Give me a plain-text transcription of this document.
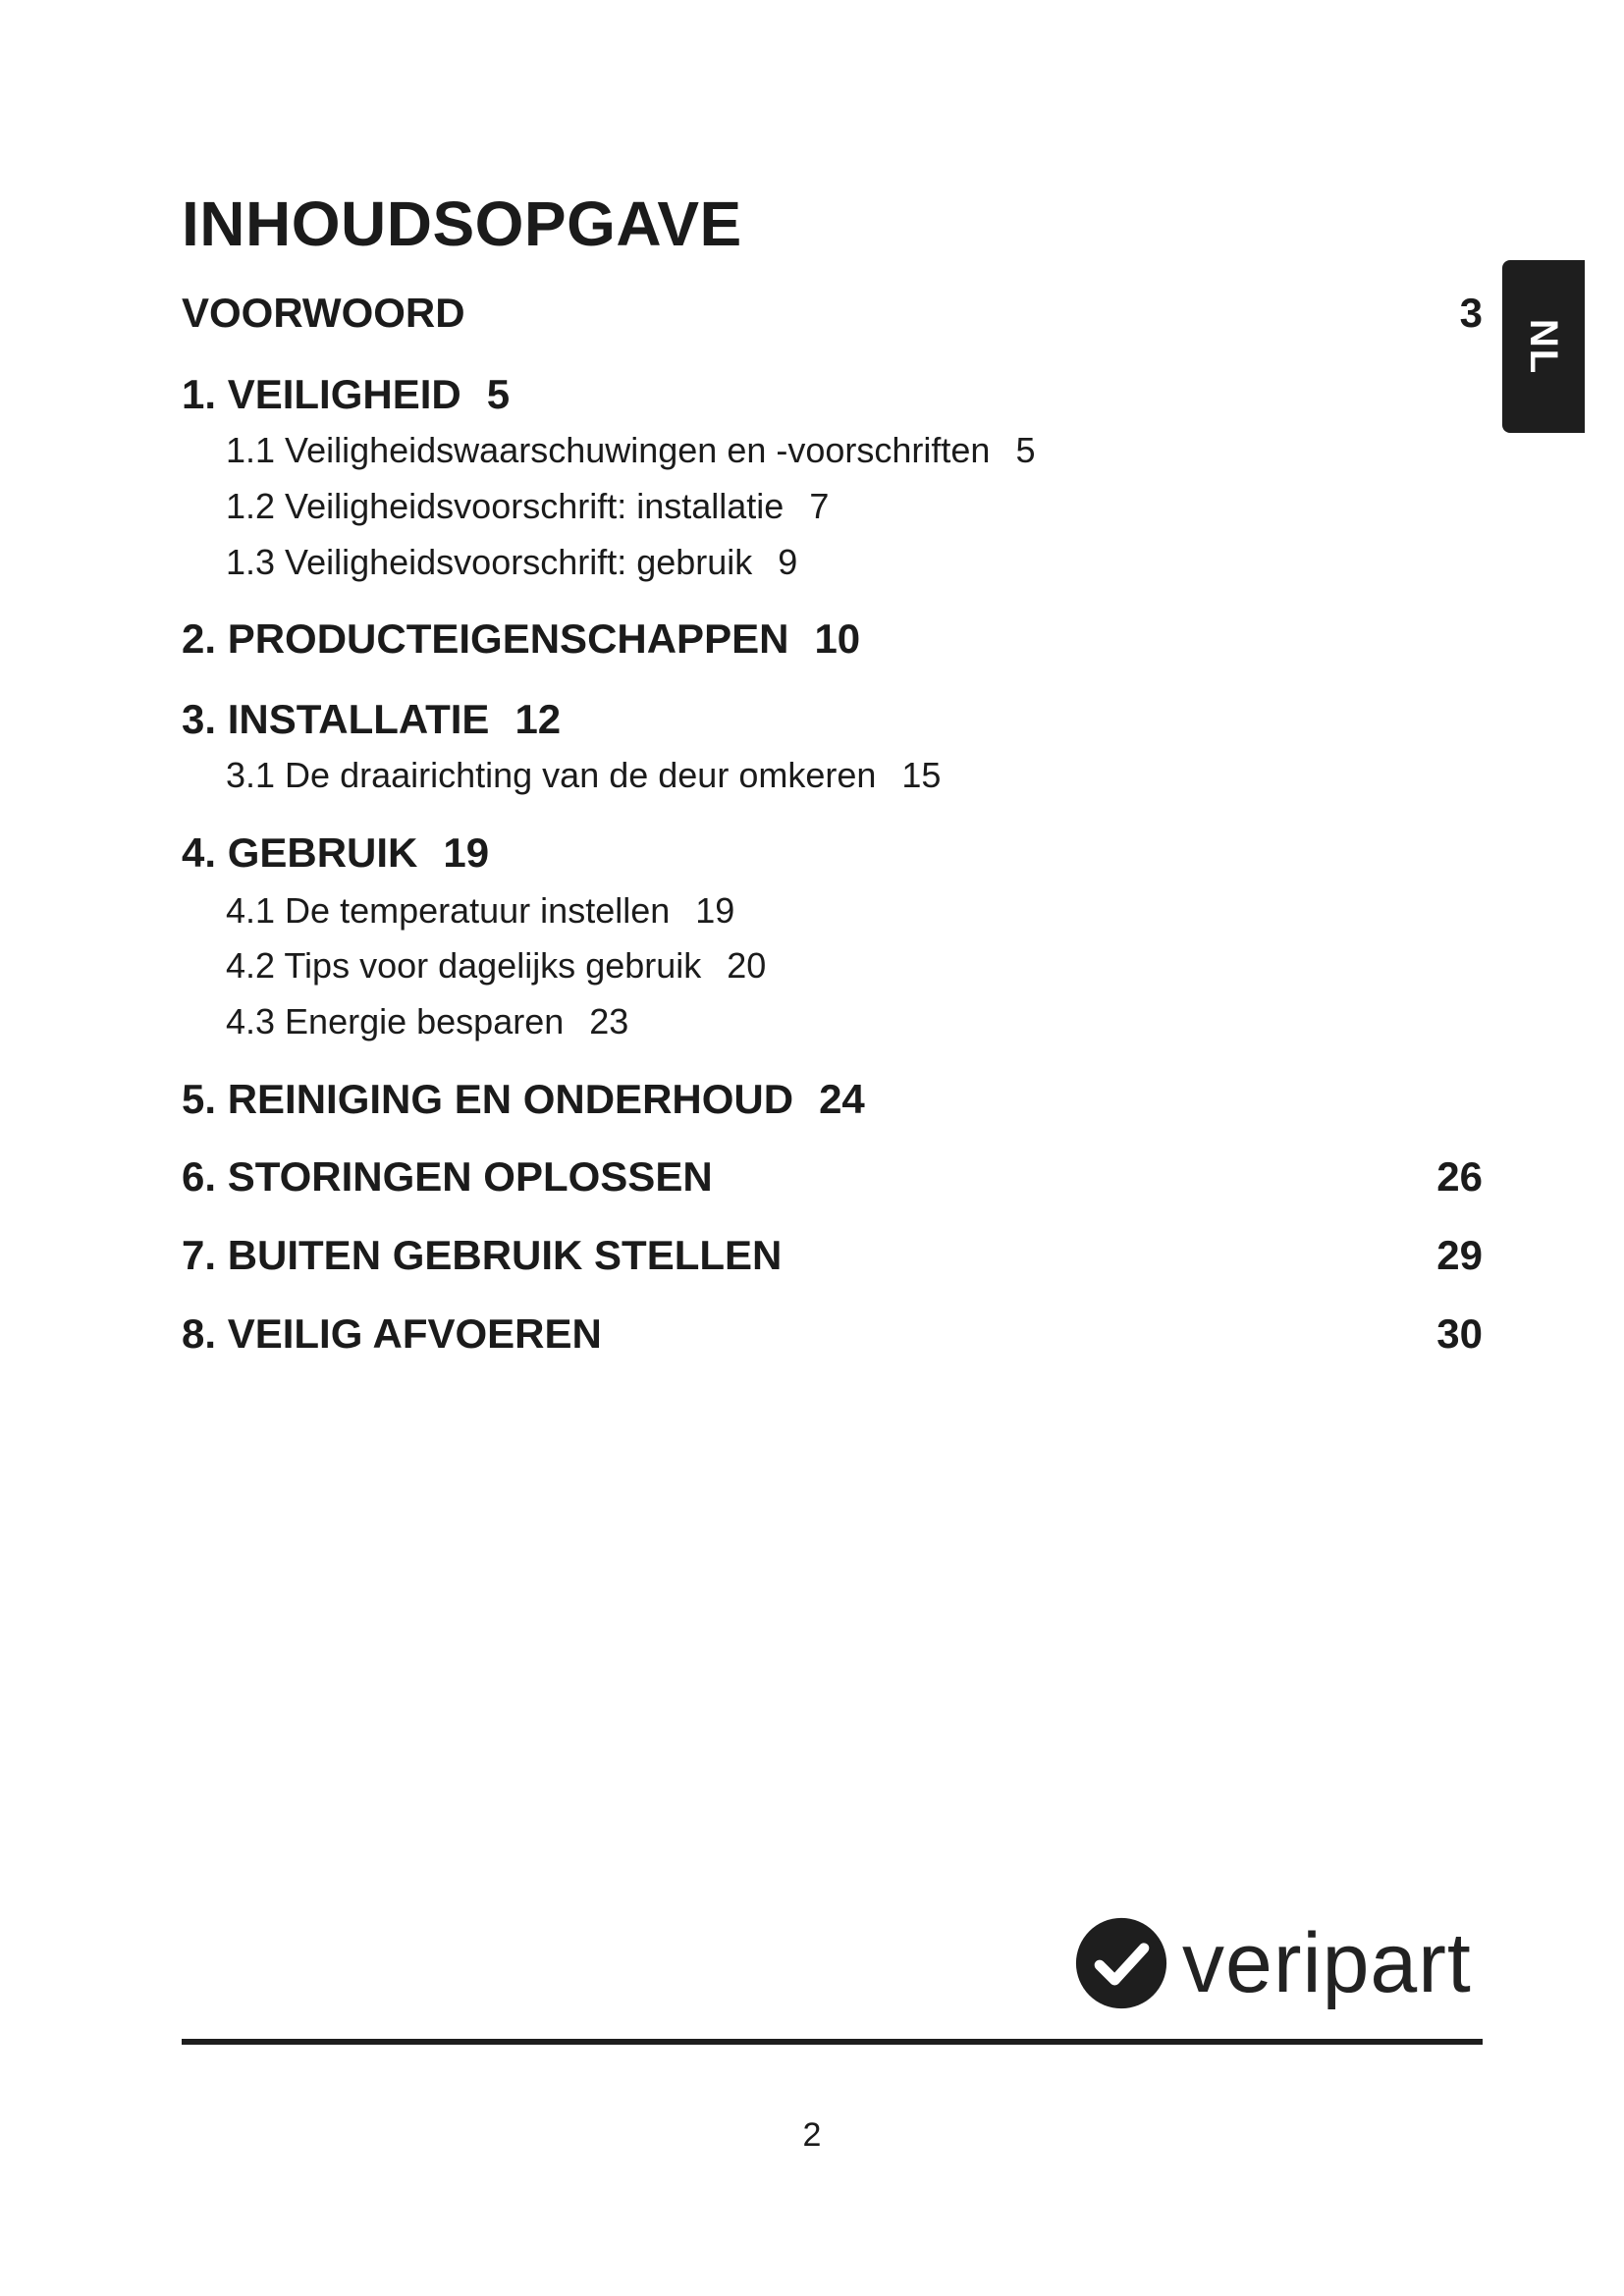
INHOUDSOPGAVE
NL
VOORWOORD	3
1. VEILIGHEID 5
1.1 Veiligheidswaarschuwingen en -voorschriften 5
1.2 Veiligheidsvoorschrift: installatie 7
1.3 Veiligheidsvoorschrift: gebruik 9
2. PRODUCTEIGENSCHAPPEN 10
3. INSTALLATIE 12
3.1 De draairichting van de deur omkeren 15
4. GEBRUIK 19
4.1 De temperatuur instellen 19
4.2 Tips voor dagelijks gebruik 20
4.3 Energie besparen 23
5. REINIGING EN ONDERHOUD 24
6. STORINGEN OPLOSSEN	26
7. BUITEN GEBRUIK STELLEN	29
8. VEILIG AFVOEREN	30
veripart
2
